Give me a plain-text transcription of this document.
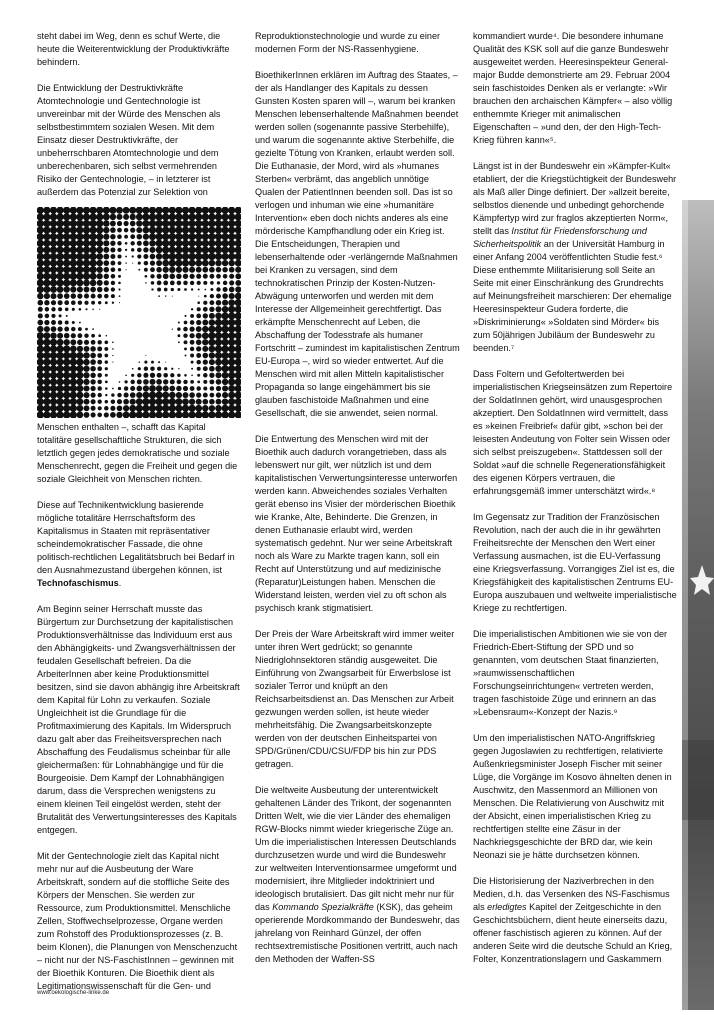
steht dabei im Weg, denn es schuf Werte, die heute die Weiterentwicklung der Produktivkräfte behindern.

Die Entwicklung der Destruktivkräfte Atomtechnologie und Gentechnologie ist unvereinbar mit der Würde des Menschen als selbstbestimmtem sozialen Wesen. Mit dem Einsatz dieser Destruktivkräfte, der unbeherrschbaren Atomtechnologie und dem unberechenbaren, sich selbst vermehrenden Risiko der Gentechnologie, – in letzterer ist außerdem das Potenzial zur Selektion von

Menschen enthalten –, schafft das Kapital totalitäre gesellschaftliche Strukturen, die sich letztlich gegen jedes demokratische und soziale Menschenrecht, gegen die Freiheit und gegen die soziale Gleichheit von Menschen richten.

Diese auf Technikentwicklung basierende mögliche totalitäre Herrschaftsform des Kapitalismus in Staaten mit repräsentativer scheindemokratischer Fassade, die ohne politisch-rechtlichen Legalitätsbruch bei Bedarf in den Ausnahmezustand übergehen können, ist Technofaschismus.

Am Beginn seiner Herrschaft musste das Bürgertum zur Durchsetzung der kapitalistischen Produktionsverhältnisse das Individuum erst aus den Abhängigkeits- und Zwangsverhältnissen der feudalen Gesellschaft befreien. Da die ArbeiterInnen aber keine Produktionsmittel besitzen, sind sie davon abhängig ihre Arbeitskraft dem Kapital für Lohn zu verkaufen. Soziale Ungleichheit ist die Grundlage für die Profitmaximierung des Kapitals. Im Widerspruch dazu galt aber das Freiheitsversprechen nach Abschaffung des Feudalismus scheinbar für alle gleichermaßen: für Lohnabhängige und für die Bourgeoisie. Dem Kampf der Lohnabhängigen darum, dass die Versprechen wenigstens zu einem kleinen Teil eingelöst werden, steht der Brutalität des Verwertungsinteresses des Kapitals entgegen.

Mit der Gentechnologie zielt das Kapital nicht mehr nur auf die Ausbeutung der Ware Arbeitskraft, sondern auf die stoffliche Seite des Körpers der Menschen. Sie werden zur Ressource, zum Produktionsmittel. Menschliche Zellen, Stoffwechselprozesse, Organe werden zum Rohstoff des Produktionsprozesses (z. B. beim Klonen), die Planungen von Menschenzucht – nicht nur der NS-FaschistInnen – gewinnen mit der Bioethik Konturen. Die Bioethik dient als Legitimationswissenschaft für die Gen- und

Reproduktionstechnologie und wurde zu einer modernen Form der NS-Rassenhygiene.

BioethikerInnen erklären im Auftrag des Staates, – der als Handlanger des Kapitals zu dessen Gunsten Kosten sparen will –, warum bei kranken Menschen lebenserhaltende Maßnahmen beendet werden sollen (sogenannte passive Sterbehilfe), und warum die sogenannte aktive Sterbehilfe, die gezielte Tötung von Kranken, erlaubt werden soll. Die Euthanasie, der Mord, wird als »humanes Sterben« verbrämt, das angeblich unnötige Qualen der PatientInnen beenden soll. Das ist so verlogen und inhuman wie eine »humanitäre Intervention« eben doch nichts anderes als eine mörderische Kampfhandlung oder ein Krieg ist. Die Entscheidungen, Therapien und lebenserhaltende oder -verlängernde Maßnahmen bei Kranken zu versagen, sind dem technokratischen Prinzip der Kosten-Nutzen-Abwägung unterworfen und werden mit dem Interesse der Allgemeinheit gerechtfertigt. Das erkämpfte Menschenrecht auf Leben, die Abschaffung der Todesstrafe als humaner Fortschritt – zumindest im kapitalistischen Zentrum EU-Europa –, wird so wieder entwertet. Auf die Menschen wird mit allen Mitteln kapitalistischer Propaganda so lange eingehämmert bis sie glauben faschistoide Maßnahmen und eine Gesellschaft, die sie anwendet, seien normal.

Die Entwertung des Menschen wird mit der Bioethik auch dadurch vorangetrieben, dass als lebenswert nur gilt, wer nützlich ist und dem kapitalistischen Verwertungsinteresse unterworfen werden kann. Abweichendes soziales Verhalten gerät ebenso ins Visier der mörderischen Bioethik wie Kranke, Alte, Behinderte. Die Grenzen, in denen Euthanasie erlaubt wird, werden systematisch gedehnt. Nur wer seine Arbeitskraft noch als Ware zu Markte tragen kann, soll ein Recht auf Unterstützung und auf medizinische (Reparatur)Leistungen haben. Menschen die Widerstand leisten, werden viel zu oft schon als psychisch krank stigmatisiert.

Der Preis der Ware Arbeitskraft wird immer weiter unter ihren Wert gedrückt; so genannte Niedriglohnsektoren ständig ausgeweitet. Die Einführung von Zwangsarbeit für Erwerbslose ist sozialer Terror und knüpft an den Reichsarbeitsdienst an. Das Menschen zur Arbeit gezwungen werden sollen, ist heute wieder mehrheitsfähig. Die Zwangsarbeitskonzepte werden von der deutschen Einheitspartei von SPD/Grünen/CDU/CSU/FDP bis hin zur PDS getragen.

Die weltweite Ausbeutung der unterentwickelt gehaltenen Länder des Trikont, der sogenannten Dritten Welt, wie die vier Länder des ehemaligen RGW-Blocks nimmt wieder kriegerische Züge an. Um die imperialistischen Interessen Deutschlands durchzusetzen wurde und wird die Bundeswehr zur weltweiten Interventionsarmee umgeformt und modernisiert, ihre Mitglieder indoktriniert und ideologisch brutalisiert. Das gilt nicht mehr nur für das Kommando Spezialkräfte (KSK), das geheim operierende Mordkommando der Bundeswehr, das jahrelang von Reinhard Günzel, der offen rechtsextremistische Positionen vertritt, auch nach den Methoden der Waffen-SS

kommandiert wurde⁴. Die besondere inhumane Qualität des KSK soll auf die ganze Bundeswehr ausgeweitet werden. Heeresinspekteur General-major Budde demonstrierte am 29. Februar 2004 sein faschistoides Denken als er verlangte: »Wir brauchen den archaischen Kämpfer« – also völlig enthemmte Krieger mit animalischen Eigenschaften – »und den, der den High-Tech-Krieg führen kann«⁵.

Längst ist in der Bundeswehr ein »Kämpfer-Kult« etabliert, der die Kriegstüchtigkeit der Bundeswehr als Maß aller Dinge definiert. Der »allzeit bereite, selbstlos dienende und unbedingt gehorchende Kämpfertyp wird zur fraglos akzeptierten Norm«, stellt das Institut für Friedensforschung und Sicherheitspolitik an der Universität Hamburg in einer Anfang 2004 veröffentlichten Studie fest.⁶ Diese enthemmte Militarisierung soll Seite an Seite mit einer Einschränkung des Grundrechts auf Meinungsfreiheit marschieren: Der ehemalige Heeresinspekteur Gudera forderte, die »Diskriminierung« »Soldaten sind Mörder« bis zum 50jährigen Jubiläum der Bundeswehr zu beenden.⁷

Dass Foltern und Gefoltertwerden bei imperialistischen Kriegseinsätzen zum Repertoire der SoldatInnen gehört, wird unausgesprochen akzeptiert. Den SoldatInnen wird vermittelt, dass es »keinen Freibrief« dafür gibt, »schon bei der leisesten Andeutung von Folter sein Wissen oder sich selbst preiszugeben«. Stattdessen soll der Soldat »auf die schnelle Regenerationsfähigkeit des eigenen Körpers vertrauen, die erfahrungsgemäß immer unterschätzt wird«.⁸

Im Gegensatz zur Tradition der Französischen Revolution, nach der auch die in ihr gewährten Freiheitsrechte der Menschen den Wert einer Verfassung ausmachen, ist die EU-Verfassung eine Kriegsverfassung. Vorrangiges Ziel ist es, die Kriegsfähigkeit des kapitalistischen Zentrums EU-Europa auszubauen und weltweite imperialistische Kriege zu rechtfertigen.

Die imperialistischen Ambitionen wie sie von der Friedrich-Ebert-Stiftung der SPD und so genannten, vom deutschen Staat finanzierten, »raumwissenschaftlichen Forschungseinrichtungen« vertreten werden, tragen faschistoide Züge und erinnern an das »Lebensraum«-Konzept der Nazis.⁹

Um den imperialistischen NATO-Angriffskrieg gegen Jugoslawien zu rechtfertigen, relativierte Außenkriegsminister Joseph Fischer mit seiner Lüge, die Vorgänge im Kosovo ähnelten denen in Auschwitz, den Massenmord an Millionen von Menschen. Die Relativierung von Auschwitz mit der Absicht, einen imperialistischen Krieg zu rechtfertigen stellte eine Zäsur in der Nachkriegsgeschichte der BRD dar, wie kein Neonazi sie je hätte durchsetzen können.

Die Historisierung der Naziverbrechen in den Medien, d.h. das Versenken des NS-Faschismus als erledigtes Kapitel der Zeitgeschichte in den Geschichtsbüchern, dient heute einerseits dazu, offener faschistisch agieren zu können. Auf der anderen Seite wird die deutsche Schuld an Krieg, Folter, Konzentrationslagern und Gaskammern

www.oekologische-linke.de
